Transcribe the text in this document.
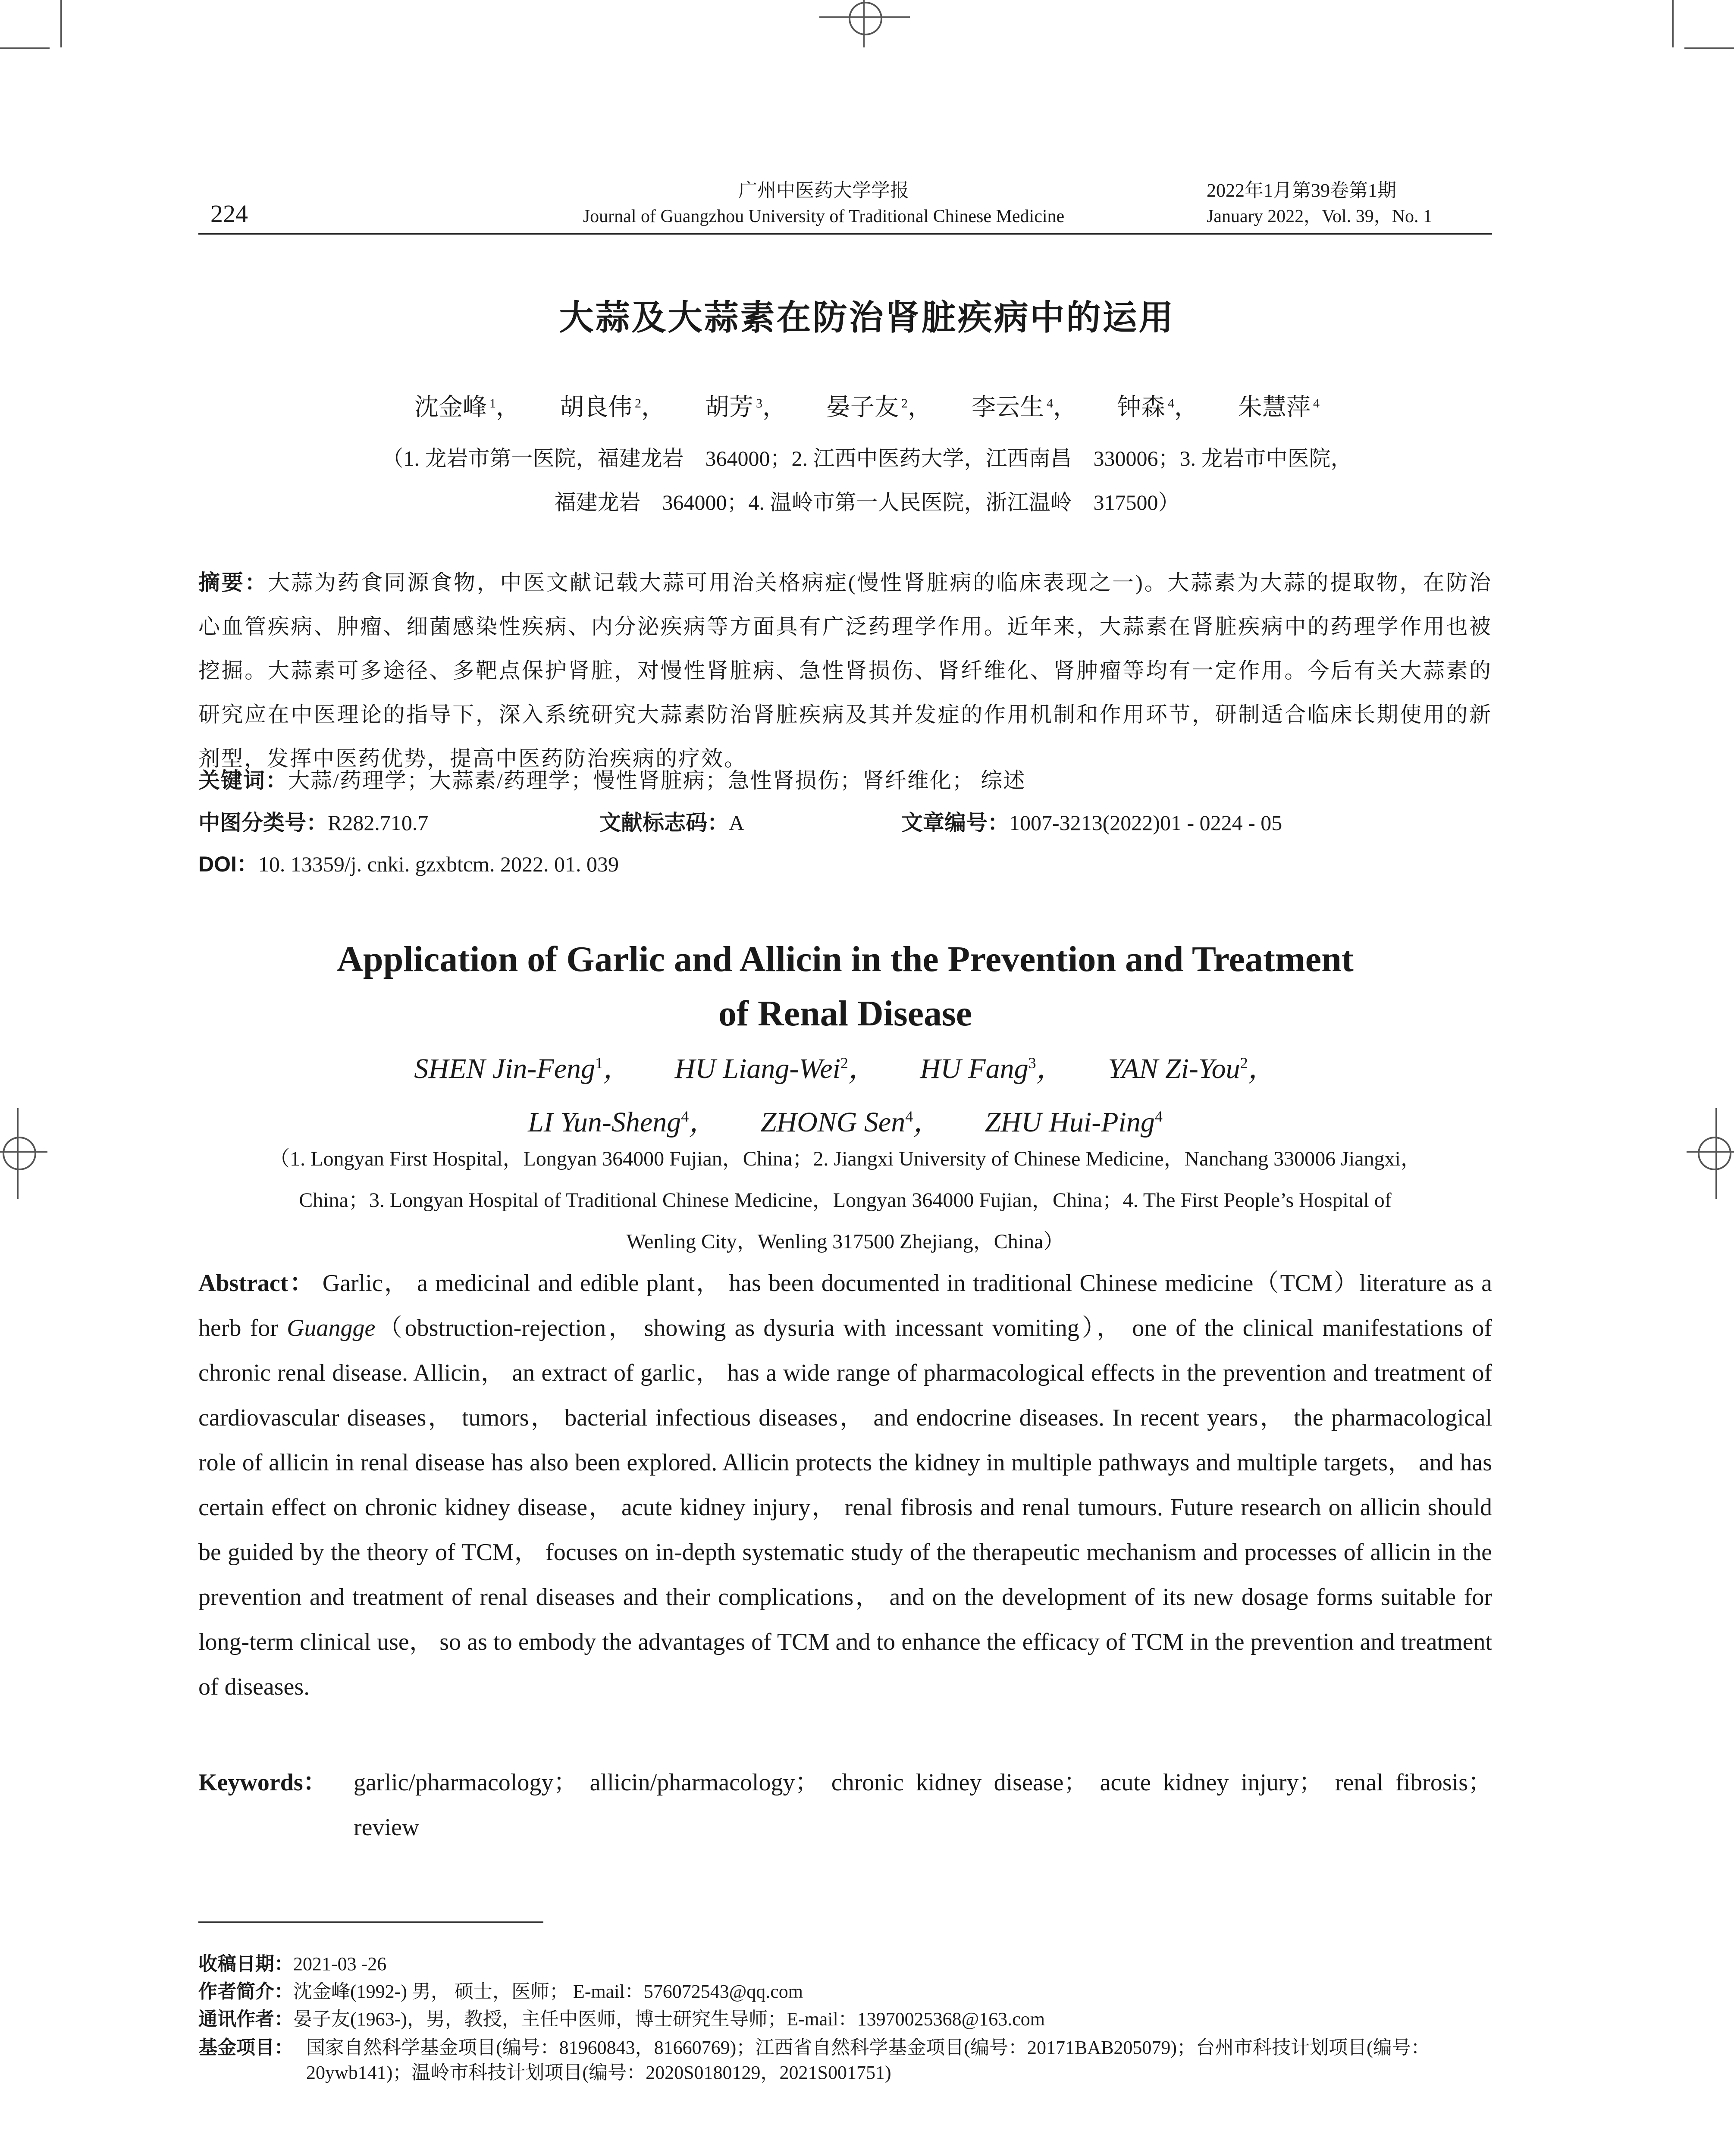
224
广州中医药大学学报
Journal of Guangzhou University of Traditional Chinese Medicine
2022年1月第39卷第1期
January 2022，Vol. 39，No. 1
大蒜及大蒜素在防治肾脏疾病中的运用
沈金峰 $^1$， 胡良伟 $^2$， 胡芳 $^3$， 晏子友 $^2$， 李云生 $^4$， 钟森 $^4$， 朱慧萍 $^4$
（1. 龙岩市第一医院，福建龙岩　364000；2. 江西中医药大学，江西南昌　330006；3. 龙岩市中医院，
福建龙岩　364000；4. 温岭市第一人民医院，浙江温岭　317500）
摘要：大蒜为药食同源食物，中医文献记载大蒜可用治关格病症(慢性肾脏病的临床表现之一)。大蒜素为大蒜的提取物，在防治心血管疾病、肿瘤、细菌感染性疾病、内分泌疾病等方面具有广泛药理学作用。近年来，大蒜素在肾脏疾病中的药理学作用也被挖掘。大蒜素可多途径、多靶点保护肾脏，对慢性肾脏病、急性肾损伤、肾纤维化、肾肿瘤等均有一定作用。今后有关大蒜素的研究应在中医理论的指导下，深入系统研究大蒜素防治肾脏疾病及其并发症的作用机制和作用环节，研制适合临床长期使用的新剂型，发挥中医药优势，提高中医药防治疾病的疗效。
关键词：大蒜/药理学；大蒜素/药理学；慢性肾脏病；急性肾损伤；肾纤维化； 综述
中图分类号：R282.710.7	文献标志码：A	文章编号：1007-3213(2022)01 - 0224 - 05
DOI：10. 13359/j. cnki. gzxbtcm. 2022. 01. 039
Application of Garlic and Allicin in the Prevention and Treatment
of Renal Disease
SHEN Jin-Feng$^1$， HU Liang-Wei$^2$， HU Fang$^3$， YAN Zi-You$^2$，
LI Yun-Sheng$^4$， ZHONG Sen$^4$， ZHU Hui-Ping$^4$
（1. Longyan First Hospital，Longyan 364000 Fujian，China；2. Jiangxi University of Chinese Medicine，Nanchang 330006 Jiangxi，
China；3. Longyan Hospital of Traditional Chinese Medicine，Longyan 364000 Fujian，China；4. The First People’s Hospital of
Wenling City，Wenling 317500 Zhejiang，China）
Abstract： Garlic， a medicinal and edible plant， has been documented in traditional Chinese medicine（TCM）literature as a herb for Guangge（obstruction-rejection， showing as dysuria with incessant vomiting）， one of the clinical manifestations of chronic renal disease. Allicin， an extract of garlic， has a wide range of pharmacological effects in the prevention and treatment of cardiovascular diseases， tumors， bacterial infectious diseases， and endocrine diseases. In recent years， the pharmacological role of allicin in renal disease has also been explored. Allicin protects the kidney in multiple pathways and multiple targets， and has certain effect on chronic kidney disease， acute kidney injury， renal fibrosis and renal tumours. Future research on allicin should be guided by the theory of TCM， focuses on in-depth systematic study of the therapeutic mechanism and processes of allicin in the prevention and treatment of renal diseases and their complications， and on the development of its new dosage forms suitable for long-term clinical use， so as to embody the advantages of TCM and to enhance the efficacy of TCM in the prevention and treatment of diseases.
Keywords：	garlic/pharmacology； allicin/pharmacology； chronic kidney disease； acute kidney injury； renal fibrosis；review
收稿日期：2021-03 -26
作者简介：沈金峰(1992-) 男， 硕士，医师； E-mail：576072543@qq.com
通讯作者：晏子友(1963-)，男，教授，主任中医师，博士研究生导师；E-mail：13970025368@163.com
基金项目： 国家自然科学基金项目(编号：81960843，81660769)；江西省自然科学基金项目(编号：20171BAB205079)；台州市科技计划项目(编号：20ywb141)；温岭市科技计划项目(编号：2020S0180129，2021S001751)
